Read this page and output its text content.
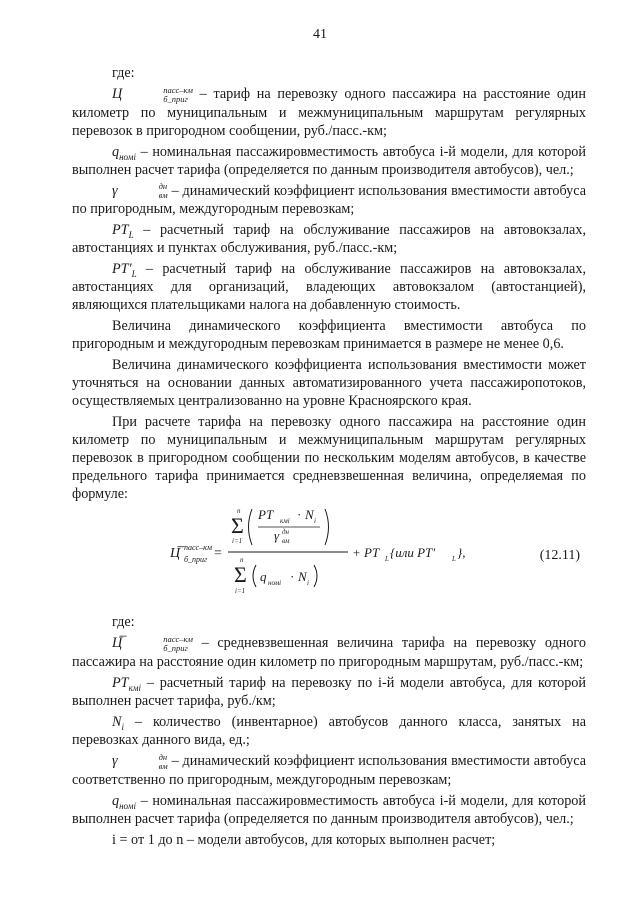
41

где:

Ц	пасс–км
б_приг – тариф на перевозку одного пассажира на расстояние один километр по муниципальным и межмуниципальным маршрутам регулярных перевозок в пригородном сообщении, руб./пасс.-км;

$q_{номi}$ – номинальная пассажировместимость автобуса i-й модели, для которой выполнен расчет тарифа (определяется по данным производителя автобусов), чел.;

γ	дн
вм – динамический коэффициент использования вместимости автобуса по пригородным, междугородным перевозкам;

$PT_L$ – расчетный тариф на обслуживание пассажиров на автовокзалах, автостанциях и пунктах обслуживания, руб./пасс.-км;

$PT'_L$ – расчетный тариф на обслуживание пассажиров на автовокзалах, автостанциях для организаций, владеющих автовокзалом (автостанцией), являющихся плательщиками налога на добавленную стоимость.

Величина динамического коэффициента вместимости автобуса по пригородным и междугородным перевозкам принимается в размере не менее 0,6.

Величина динамического коэффициента использования вместимости может уточняться на основании данных автоматизированного учета пассажиропотоков, осуществляемых централизованно на уровне Красноярского края.

При расчете тарифа на перевозку одного пассажира на расстояние один километр по муниципальным и межмуниципальным маршрутам регулярных перевозок в пригородном сообщении по нескольким моделям автобусов, в качестве предельного тарифа принимается средневзвешенная величина, определяемая по формуле:

Ц̅ пасс–км
б_приг =
n
Σ
i=1
PT кмi · N i
γ дн
вм
n
Σ
i=1
q номi · N i
+ PT L {или PT' L },	(12.11)

где:

Ц̅	пасс–км
б_приг – средневзвешенная величина тарифа на перевозку одного пассажира на расстояние один километр по пригородным маршрутам, руб./пасс.-км;

$PT_{кмi}$ – расчетный тариф на перевозку по i-й модели автобуса, для которой выполнен расчет тарифа, руб./км;

$N_i$ – количество (инвентарное) автобусов данного класса, занятых на перевозках данного вида, ед.;

γ	дн
вм – динамический коэффициент использования вместимости автобуса соответственно по пригородным, междугородным перевозкам;

$q_{номi}$ – номинальная пассажировместимость автобуса i-й модели, для которой выполнен расчет тарифа (определяется по данным производителя автобусов), чел.;

i = от 1 до n – модели автобусов, для которых выполнен расчет;
